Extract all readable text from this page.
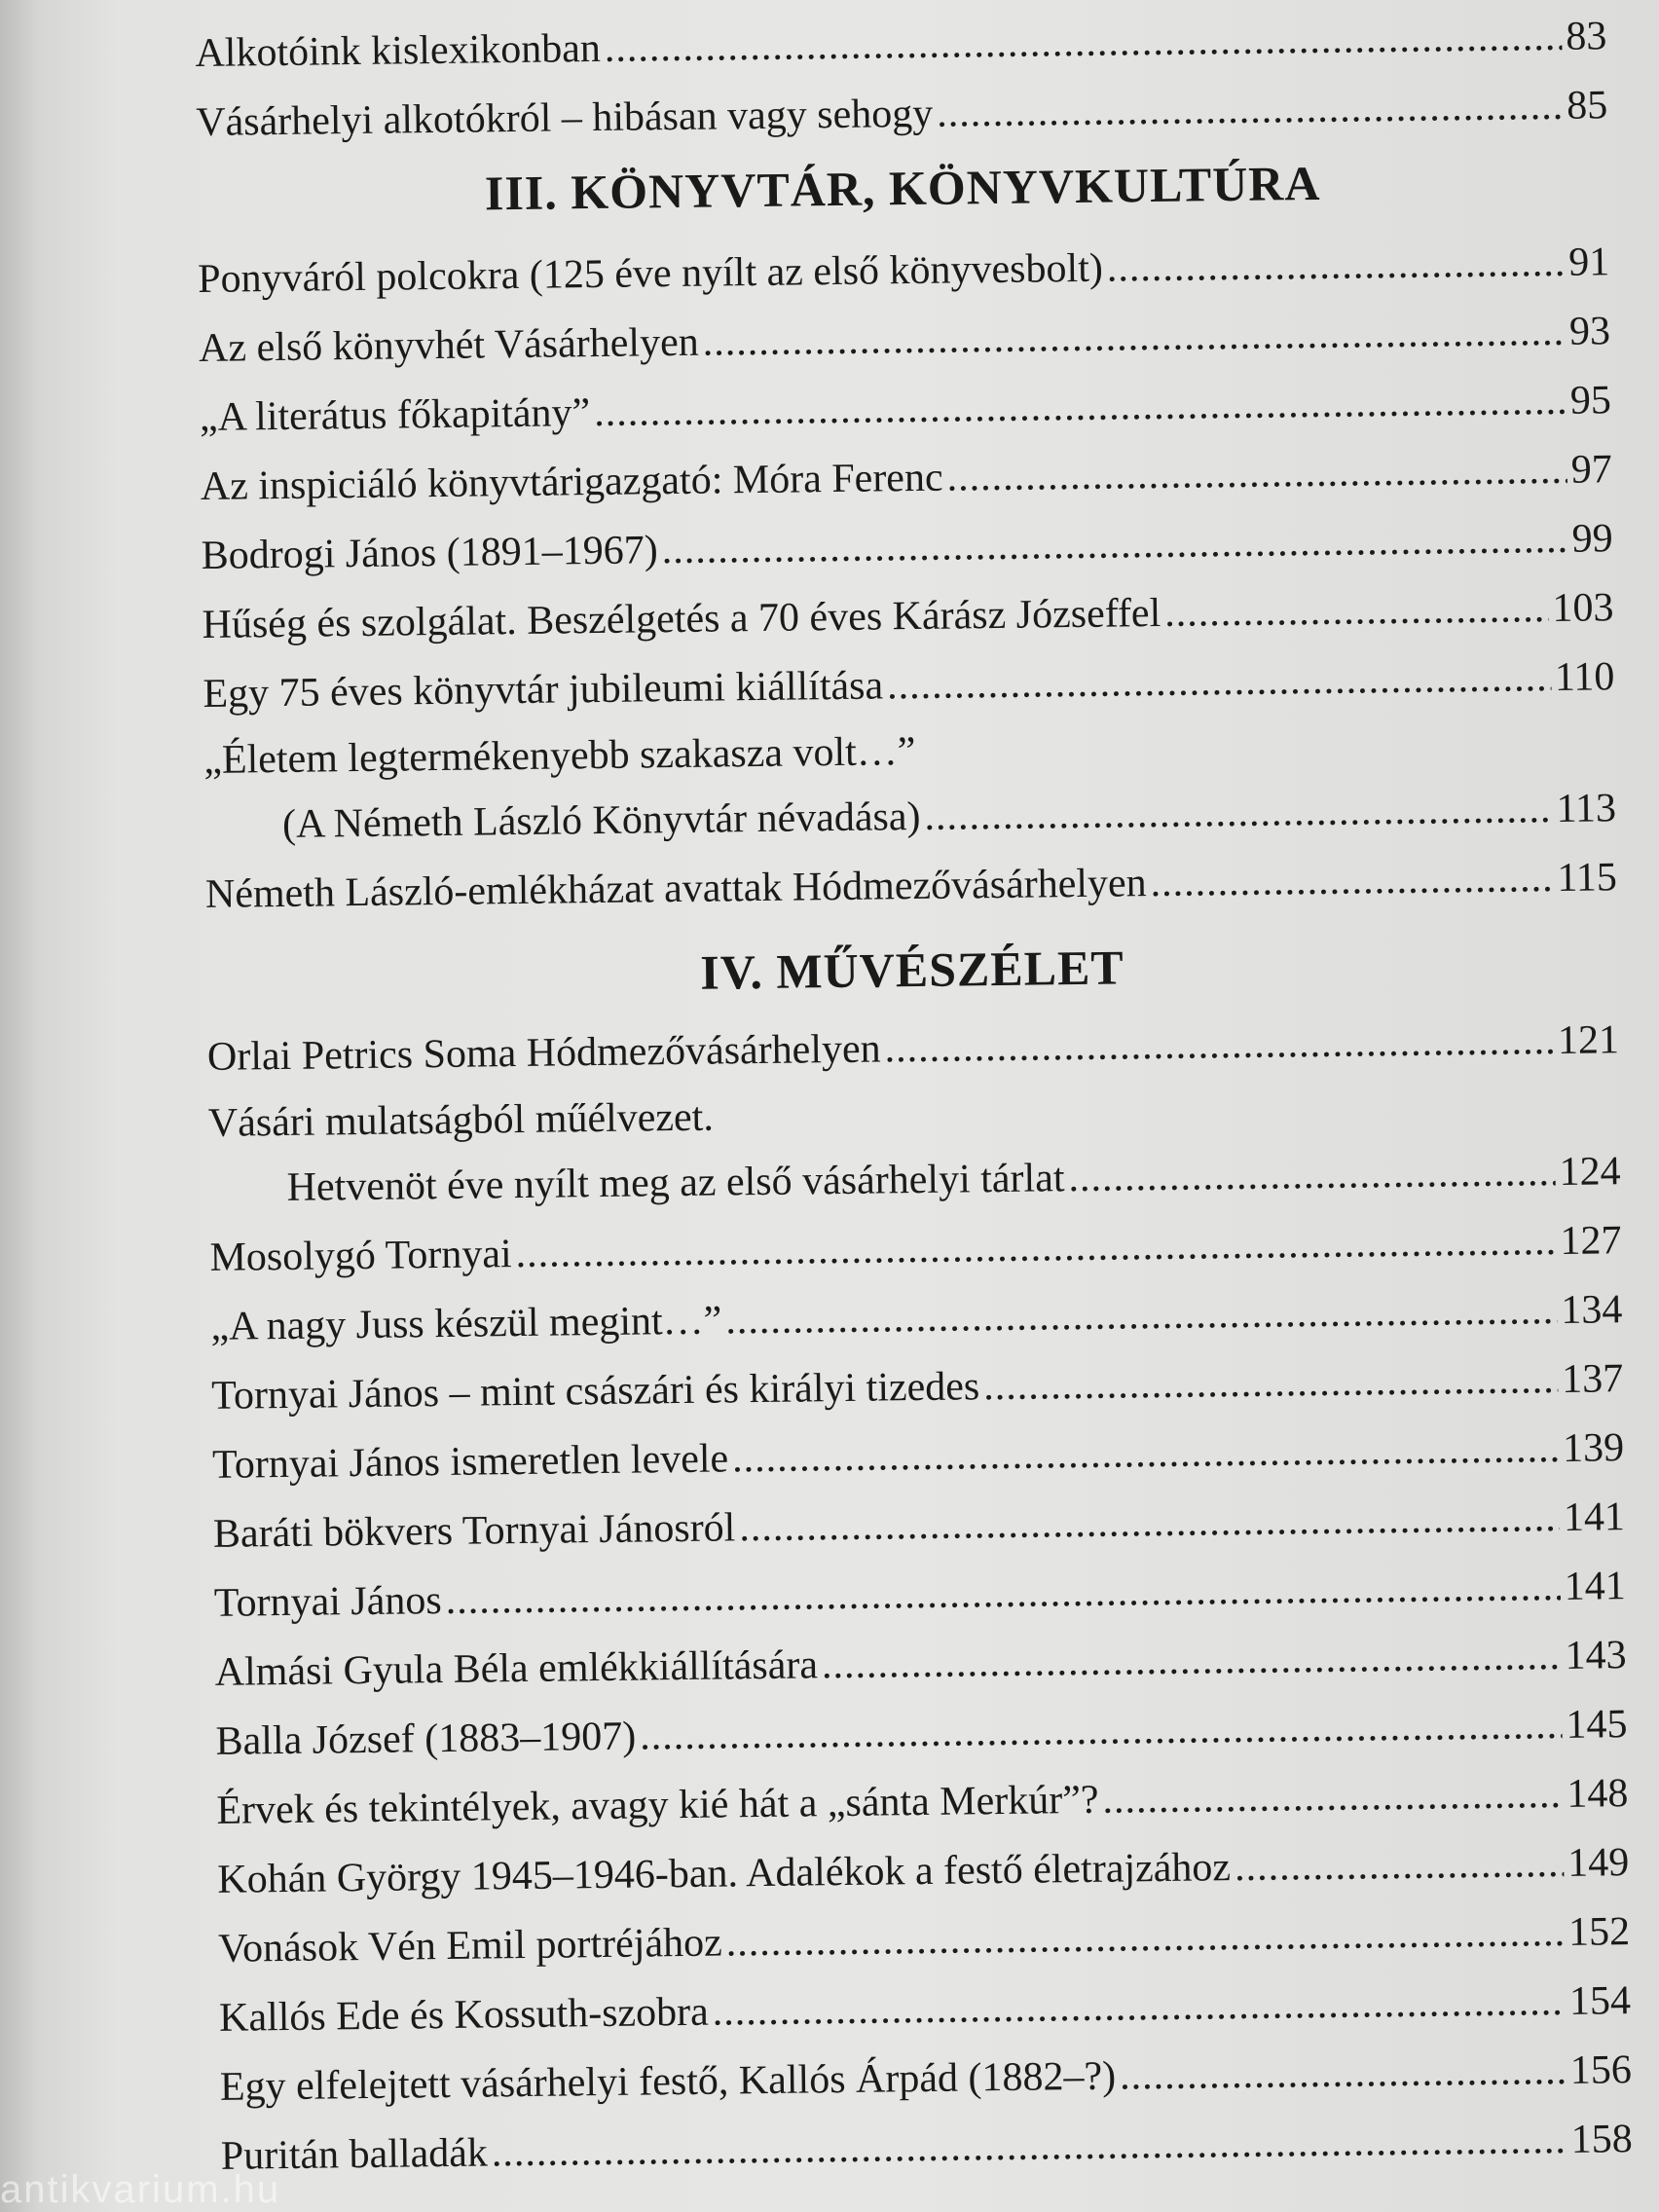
Alkotóink kislexikonban .....	83
Vásárhelyi alkotókról – hibásan vagy sehogy .....	85
III. KÖNYVTÁR, KÖNYVKULTÚRA
Ponyváról polcokra (125 éve nyílt az első könyvesbolt) .....	91
Az első könyvhét Vásárhelyen .....	93
„A literátus főkapitány” .....	95
Az inspiciáló könyvtárigazgató: Móra Ferenc .....	97
Bodrogi János (1891–1967) .....	99
Hűség és szolgálat. Beszélgetés a 70 éves Kárász Józseffel .....	103
Egy 75 éves könyvtár jubileumi kiállítása .....	110
„Életem legtermékenyebb szakasza volt…”
(A Németh László Könyvtár névadása) .....	113
Németh László-emlékházat avattak Hódmezővásárhelyen .....	115
IV. MŰVÉSZÉLET
Orlai Petrics Soma Hódmezővásárhelyen .....	121
Vásári mulatságból műélvezet.
Hetvenöt éve nyílt meg az első vásárhelyi tárlat .....	124
Mosolygó Tornyai .....	127
„A nagy Juss készül megint…” .....	134
Tornyai János – mint császári és királyi tizedes .....	137
Tornyai János ismeretlen levele .....	139
Baráti bökvers Tornyai Jánosról .....	141
Tornyai János .....	141
Almási Gyula Béla emlékkiállítására .....	143
Balla József (1883–1907) .....	145
Érvek és tekintélyek, avagy kié hát a „sánta Merkúr”? .....	148
Kohán György 1945–1946-ban. Adalékok a festő életrajzához .....	149
Vonások Vén Emil portréjához .....	152
Kallós Ede és Kossuth-szobra .....	154
Egy elfelejtett vásárhelyi festő, Kallós Árpád (1882–?) .....	156
Puritán balladák .....	158
antikvarium.hu
